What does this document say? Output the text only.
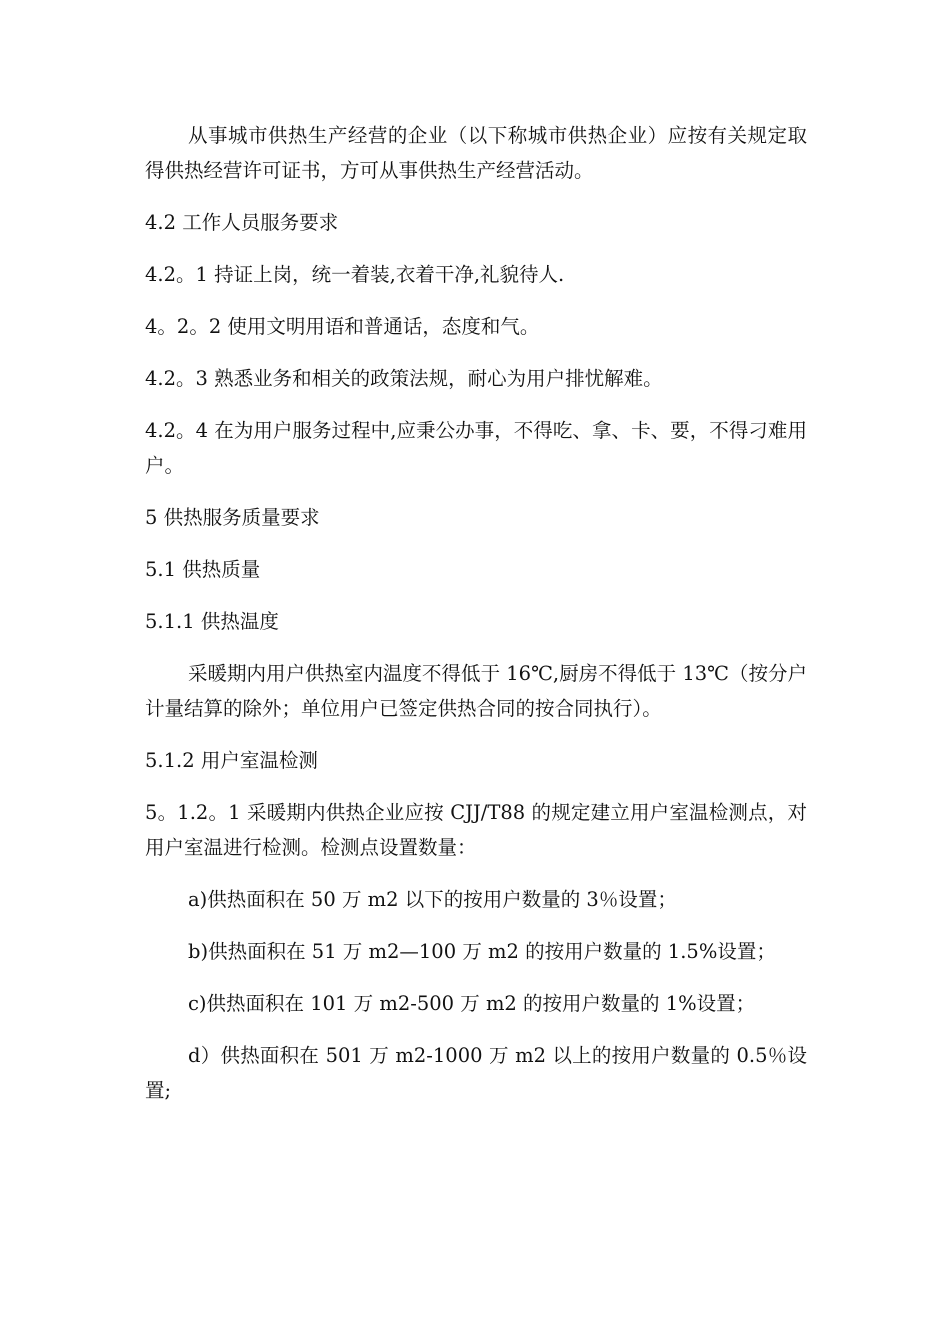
从事城市供热生产经营的企业（以下称城市供热企业）应按有关规定取得供热经营许可证书，方可从事供热生产经营活动。

4.2 工作人员服务要求

4.2。1 持证上岗，统一着装,衣着干净,礼貌待人.

4。2。2 使用文明用语和普通话，态度和气。

4.2。3 熟悉业务和相关的政策法规，耐心为用户排忧解难。

4.2。4 在为用户服务过程中,应秉公办事，不得吃、拿、卡、要，不得刁难用户。

5 供热服务质量要求

5.1 供热质量

5.1.1 供热温度

采暖期内用户供热室内温度不得低于 16℃,厨房不得低于 13℃（按分户计量结算的除外；单位用户已签定供热合同的按合同执行）。

5.1.2 用户室温检测

5。1.2。1 采暖期内供热企业应按 CJJ/T88 的规定建立用户室温检测点，对用户室温进行检测。检测点设置数量：

a)供热面积在 50 万 m2 以下的按用户数量的 3％设置；

b)供热面积在 51 万 m2—100 万 m2 的按用户数量的 1.5%设置；

c)供热面积在 101 万 m2-500 万 m2 的按用户数量的 1%设置；

d）供热面积在 501 万 m2-1000 万 m2 以上的按用户数量的 0.5％设置;
